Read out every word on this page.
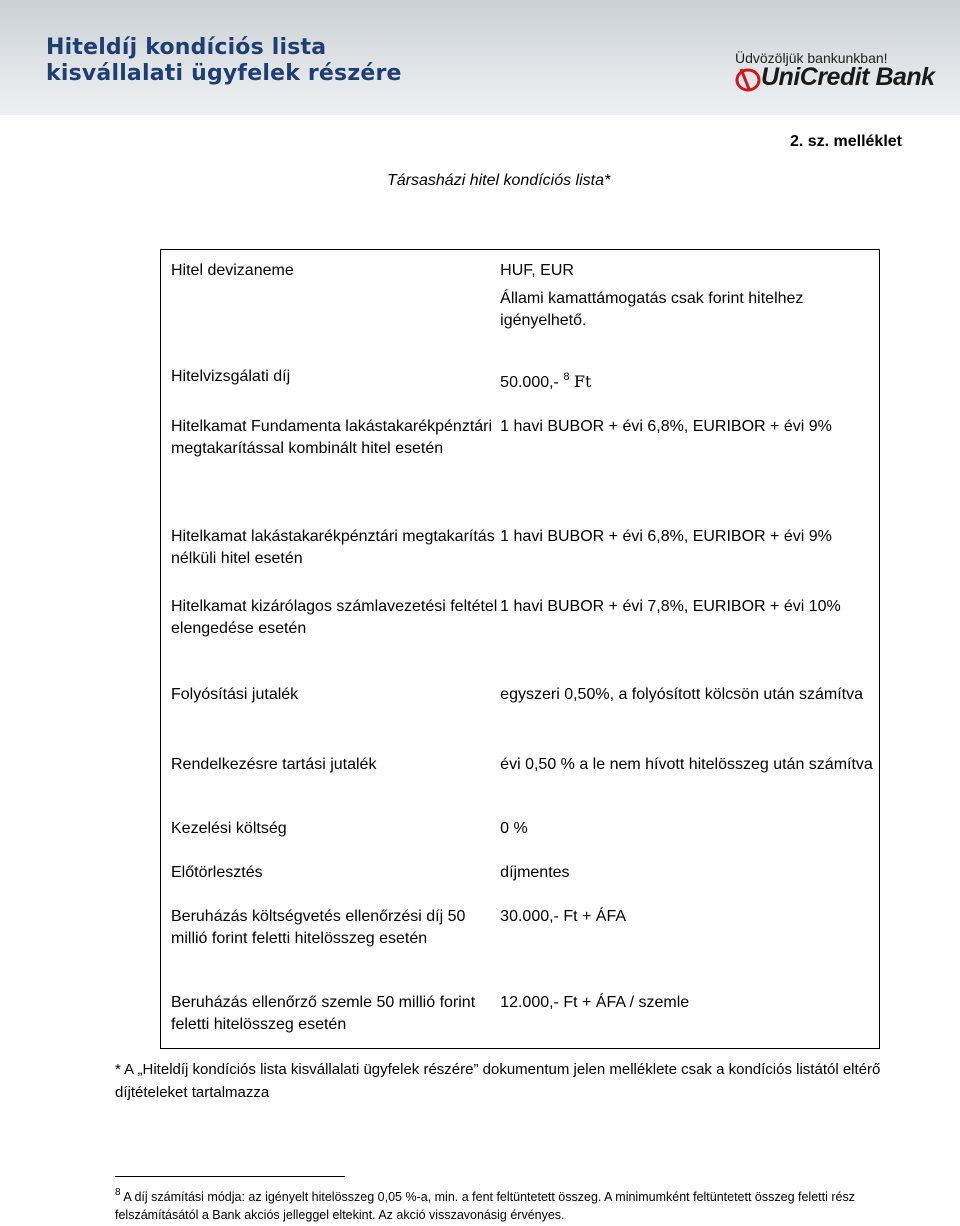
Hiteldíj kondíciós lista
kisvállalati ügyfelek részére
Üdvözöljük bankunkban!
UniCredit Bank
2. sz. melléklet
Társasházi hitel kondíciós lista*
Hitel devizaneme	HUF, EUR
Állami kamattámogatás csak forint hitelhez igényelhető.

Hitelvizsgálati díj	50.000,- $^8$ Ft
Hitelkamat Fundamenta lakástakarékpénztári megtakarítással kombinált hitel esetén	1 havi BUBOR + évi 6,8%, EURIBOR + évi 9%
Hitelkamat lakástakarékpénztári megtakarítás nélküli hitel esetén	1 havi BUBOR + évi 6,8%, EURIBOR + évi 9%
Hitelkamat kizárólagos számlavezetési feltétel elengedése esetén	1 havi BUBOR + évi 7,8%, EURIBOR + évi 10%
Folyósítási jutalék	egyszeri 0,50%, a folyósított kölcsön után számítva
Rendelkezésre tartási jutalék	évi 0,50 % a le nem hívott hitelösszeg után számítva
Kezelési költség	0 %
Előtörlesztés	díjmentes
Beruházás költségvetés ellenőrzési díj 50 millió forint feletti hitelösszeg esetén	30.000,- Ft + ÁFA
Beruházás ellenőrző szemle 50 millió forint feletti hitelösszeg esetén	12.000,- Ft + ÁFA / szemle
* A „Hiteldíj kondíciós lista kisvállalati ügyfelek részére” dokumentum jelen melléklete csak a kondíciós listától eltérő díjtételeket tartalmazza
$^8$ A díj számítási módja: az igényelt hitelösszeg 0,05 %-a, min. a fent feltüntetett összeg. A minimumként feltüntetett összeg feletti rész felszámításától a Bank akciós jelleggel eltekint. Az akció visszavonásig érvényes.
